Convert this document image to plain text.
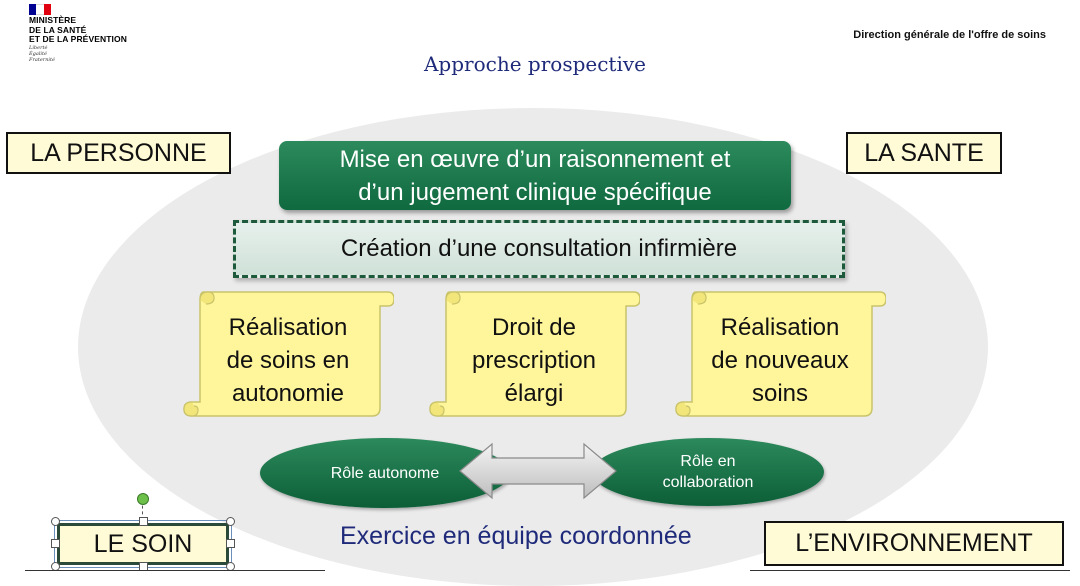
MINISTÈRE
DE LA SANTÉ
ET DE LA PRÉVENTION
Liberté
Égalité
Fraternité
Direction générale de l'offre de soins
Approche prospective
LA PERSONNE	LA SANTE
L’ENVIRONNEMENT
LE SOIN
Mise en œuvre d’un raisonnement et
d’un jugement clinique spécifique
Création d’une consultation infirmière
Réalisation
de soins en
autonomie
Droit de
prescription
élargi
Réalisation
de nouveaux
soins
Rôle autonome
Rôle en
collaboration
Exercice en équipe coordonnée
